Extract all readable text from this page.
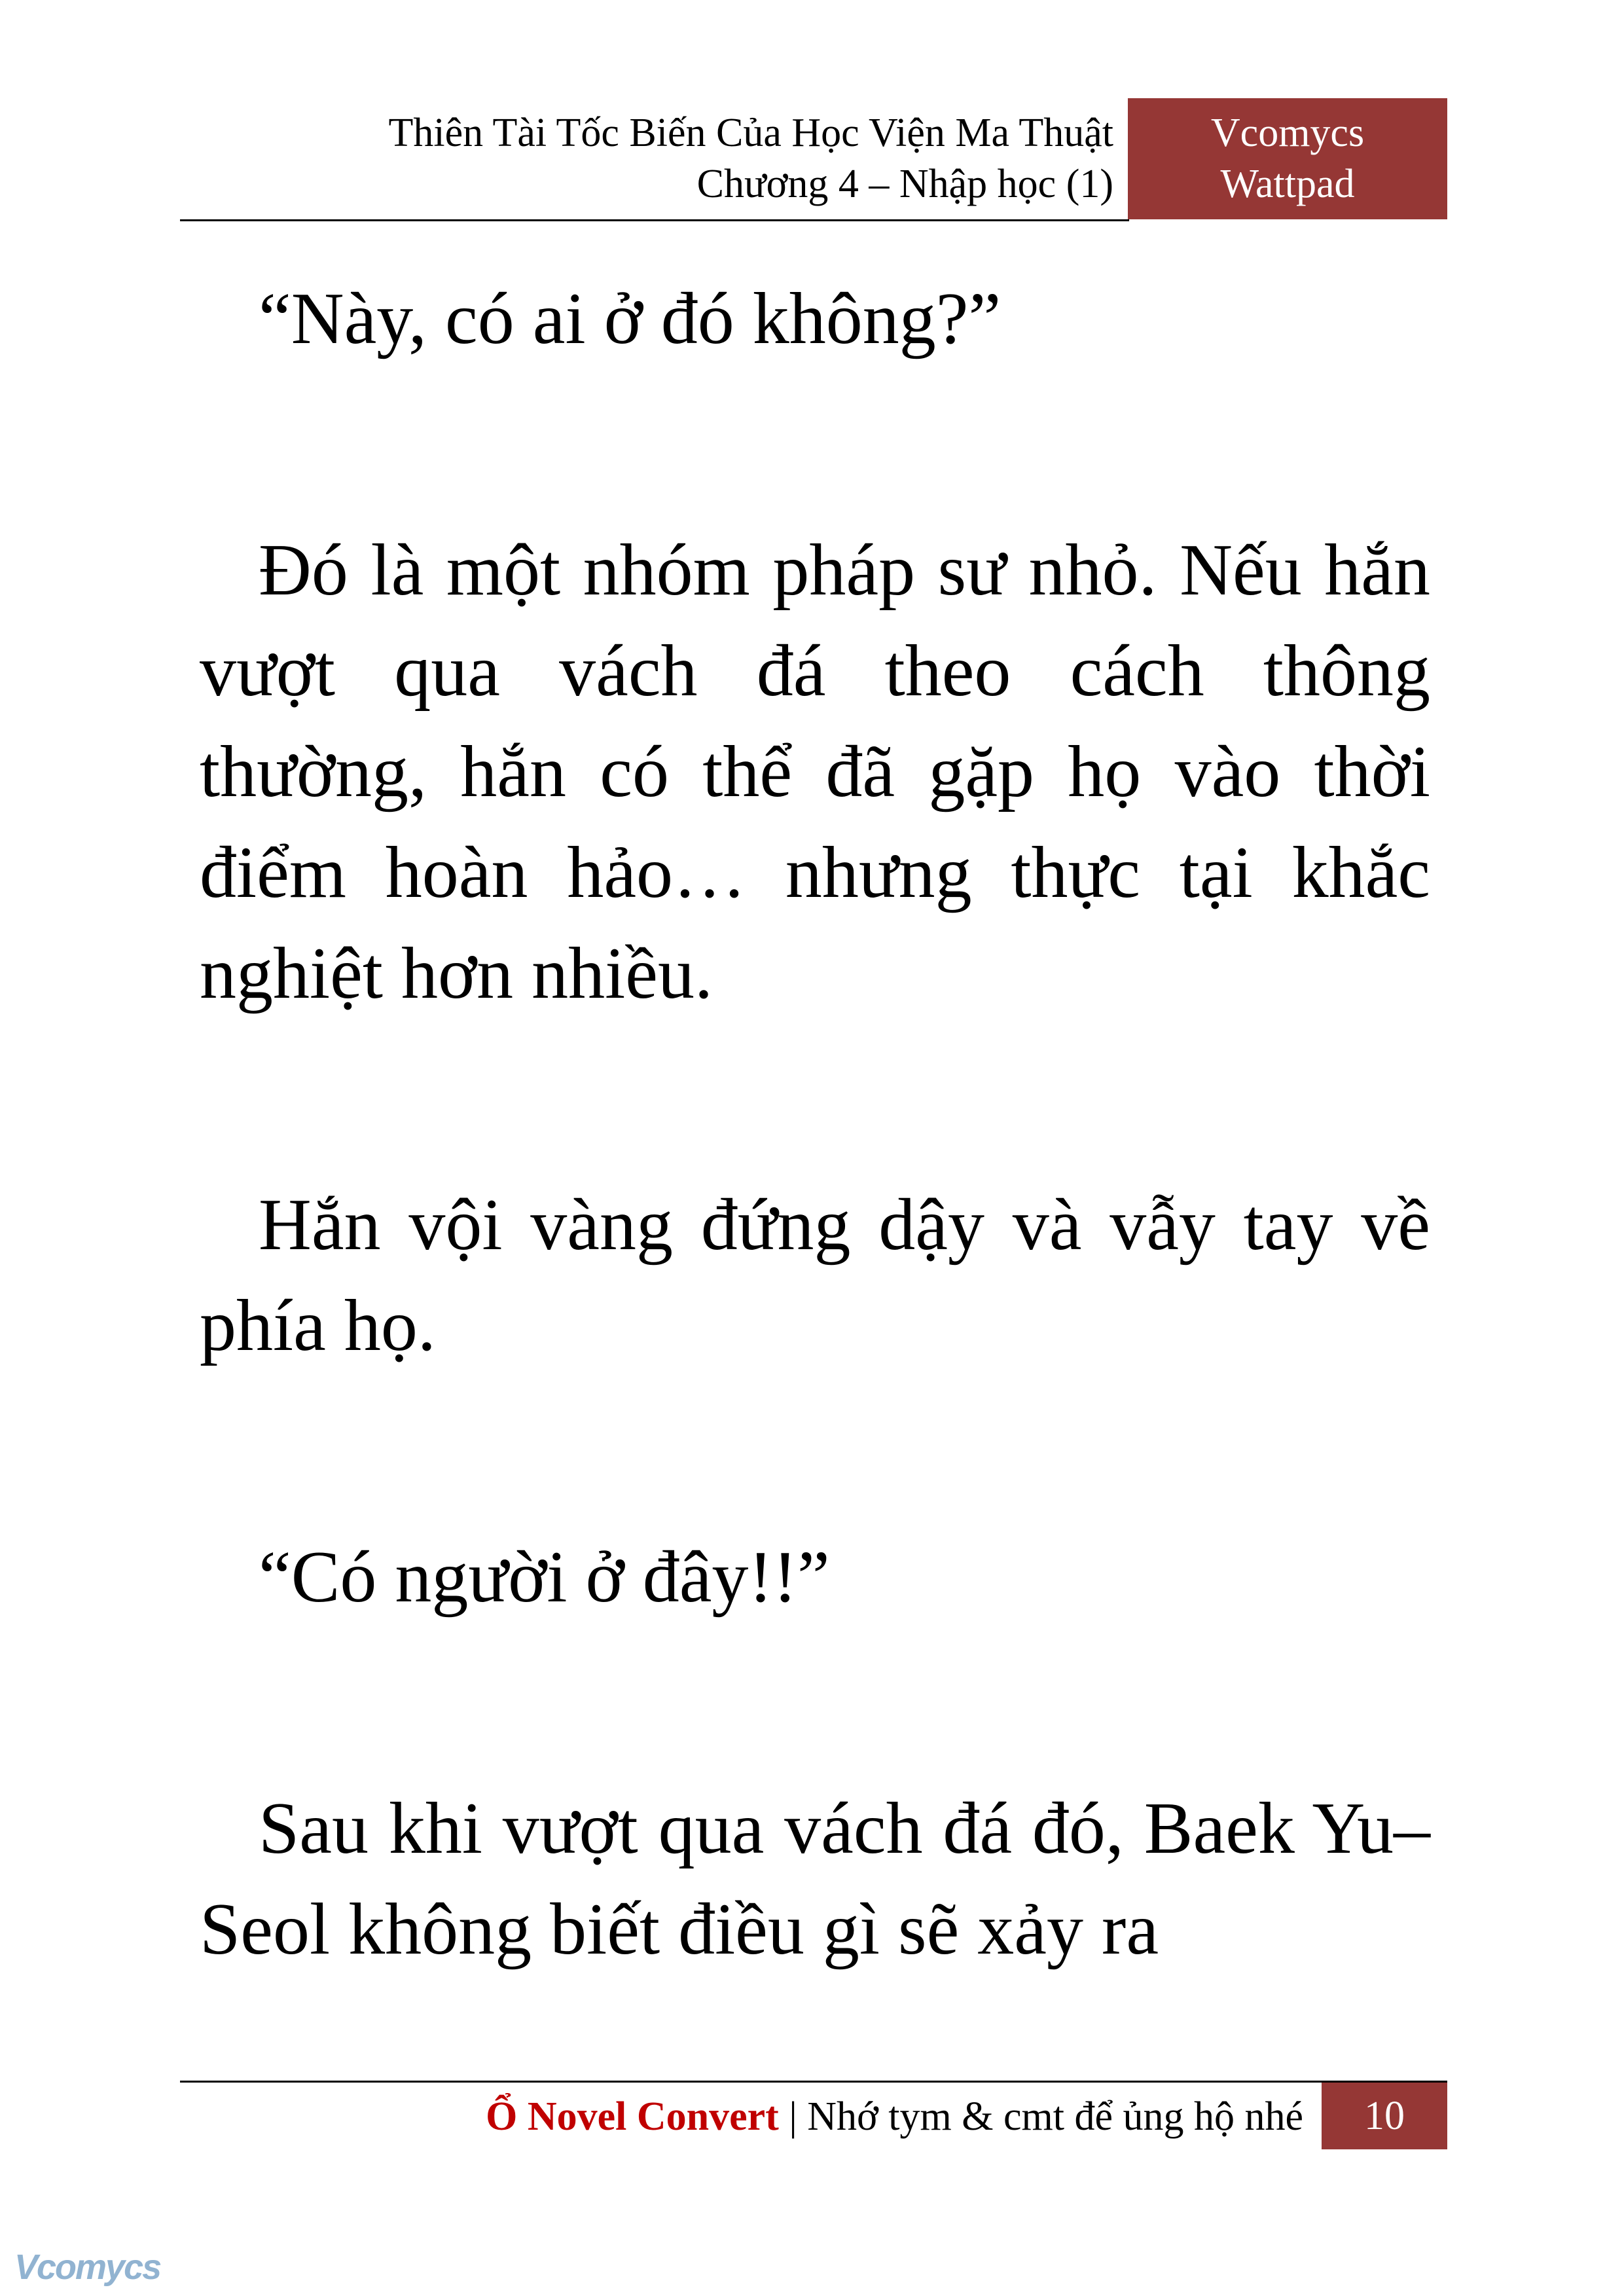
Thiên Tài Tốc Biến Của Học Viện Ma Thuật
Chương 4 – Nhập học (1)
Vcomycs
Wattpad

“Này, có ai ở đó không?”

Đó là một nhóm pháp sư nhỏ. Nếu hắn vượt qua vách đá theo cách thông thường, hắn có thể đã gặp họ vào thời điểm hoàn hảo… nhưng thực tại khắc nghiệt hơn nhiều.

Hắn vội vàng đứng dậy và vẫy tay về phía họ.

“Có người ở đây!!”

Sau khi vượt qua vách đá đó, Baek Yu–Seol không biết điều gì sẽ xảy ra

Ổ Novel Convert | Nhớ tym & cmt để ủng hộ nhé	10
Vcomycs
